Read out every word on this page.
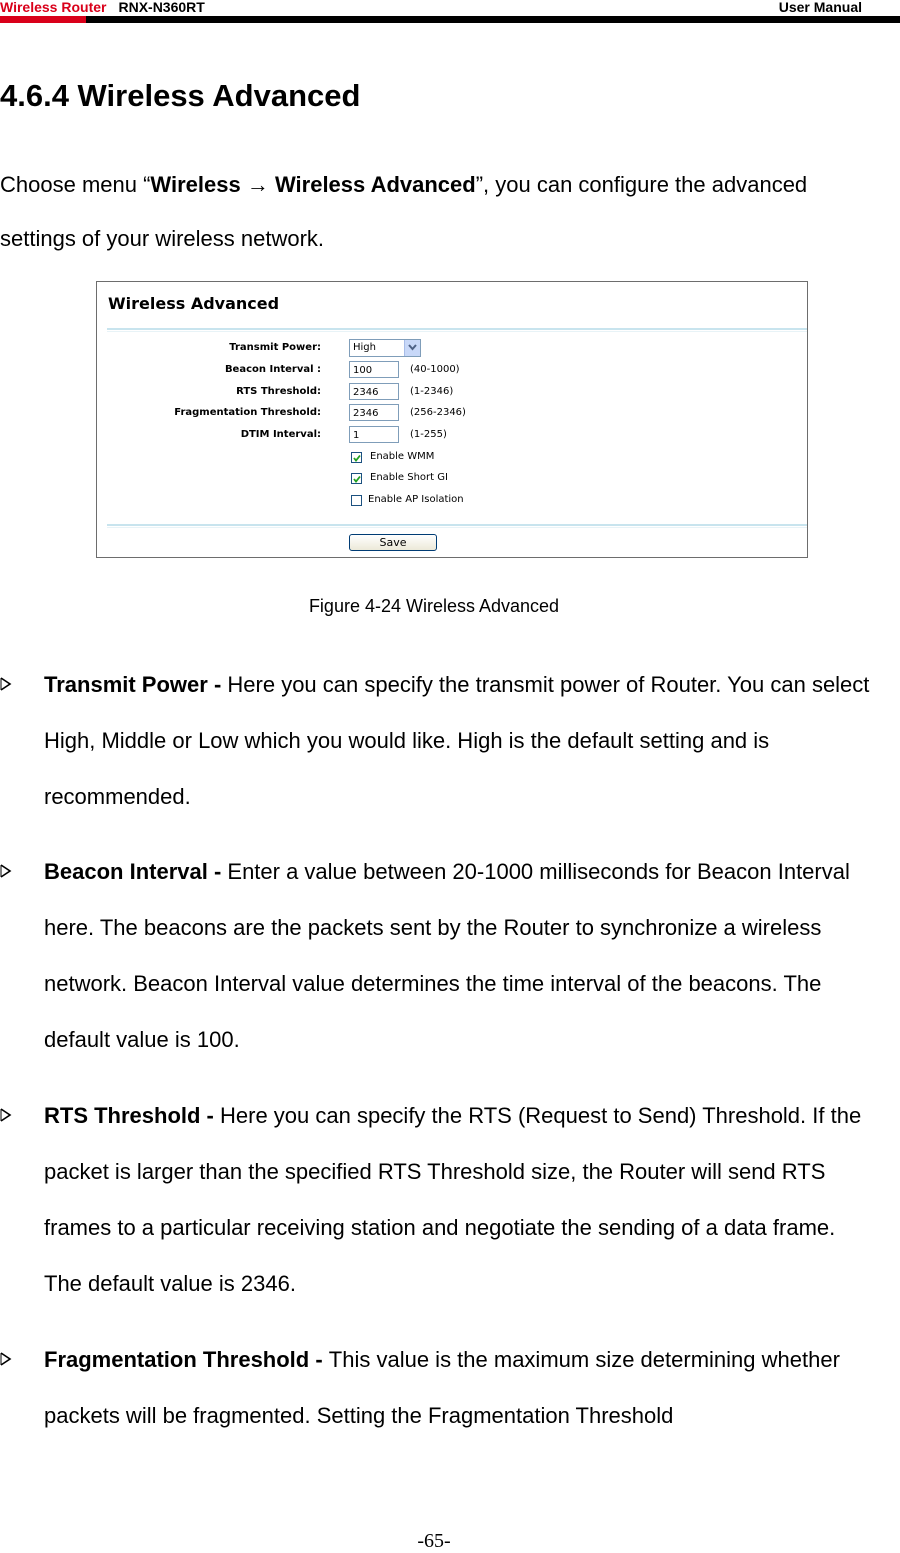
Wireless Router RNX-N360RT	User Manual
4.6.4 Wireless Advanced
Choose menu “Wireless → Wireless Advanced”, you can configure the advanced settings of your wireless network.
Wireless Advanced
Transmit Power:	High
Beacon Interval :	100	(40-1000)
RTS Threshold:	2346	(1-2346)
Fragmentation Threshold:	2346	(256-2346)
DTIM Interval:	1	(1-255)
Enable WMM
Enable Short GI
Enable AP Isolation
Save
Figure 4-24 Wireless Advanced
Transmit Power - Here you can specify the transmit power of Router. You can select High, Middle or Low which you would like. High is the default setting and is recommended.
Beacon Interval - Enter a value between 20-1000 milliseconds for Beacon Interval here. The beacons are the packets sent by the Router to synchronize a wireless network. Beacon Interval value determines the time interval of the beacons. The default value is 100.
RTS Threshold - Here you can specify the RTS (Request to Send) Threshold. If the packet is larger than the specified RTS Threshold size, the Router will send RTS frames to a particular receiving station and negotiate the sending of a data frame. The default value is 2346.
Fragmentation Threshold - This value is the maximum size determining whether packets will be fragmented. Setting the Fragmentation Threshold
-65-
